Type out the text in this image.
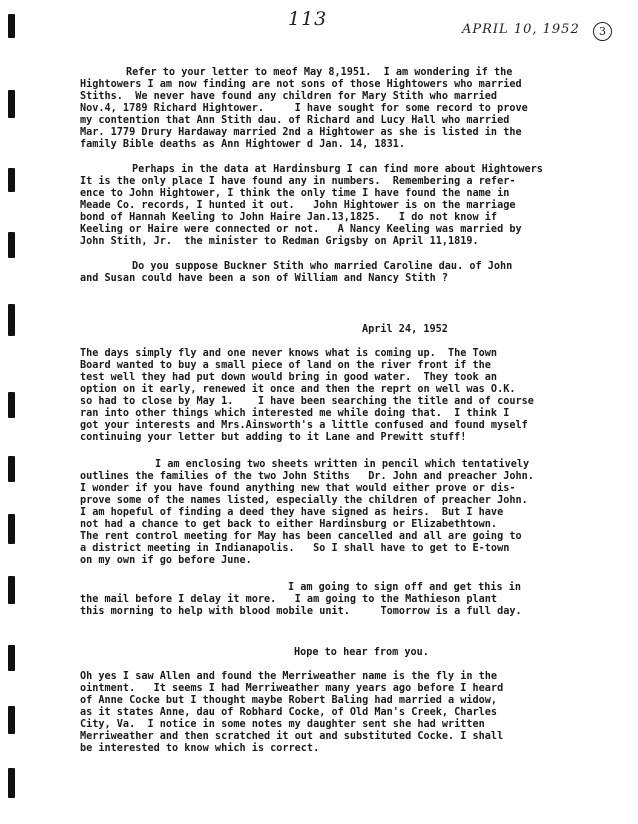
113	APRIL 10, 1952	3
Refer to your letter to meof May 8,1951.  I am wondering if the
Hightowers I am now finding are not sons of those Hightowers who married
Stiths.  We never have found any children for Mary Stith who married
Nov.4, 1789 Richard Hightower.     I have sought for some record to prove
my contention that Ann Stith dau. of Richard and Lucy Hall who married
Mar. 1779 Drury Hardaway married 2nd a Hightower as she is listed in the
family Bible deaths as Ann Hightower d Jan. 14, 1831.
Perhaps in the data at Hardinsburg I can find more about Hightowers
It is the only place I have found any in numbers.  Remembering a refer-
ence to John Hightower, I think the only time I have found the name in
Meade Co. records, I hunted it out.   John Hightower is on the marriage
bond of Hannah Keeling to John Haire Jan.13,1825.   I do not know if
Keeling or Haire were connected or not.   A Nancy Keeling was married by
John Stith, Jr.  the minister to Redman Grigsby on April 11,1819.
Do you suppose Buckner Stith who married Caroline dau. of John
and Susan could have been a son of William and Nancy Stith ?
April 24, 1952
The days simply fly and one never knows what is coming up.  The Town
Board wanted to buy a small piece of land on the river front if the
test well they had put down would bring in good water.  They took an
option on it early, renewed it once and then the reprt on well was O.K.
so had to close by May 1.    I have been searching the title and of course
ran into other things which interested me while doing that.  I think I
got your interests and Mrs.Ainsworth's a little confused and found myself
continuing your letter but adding to it Lane and Prewitt stuff!
I am enclosing two sheets written in pencil which tentatively
outlines the families of the two John Stiths   Dr. John and preacher John.
I wonder if you have found anything new that would either prove or dis-
prove some of the names listed, especially the children of preacher John.
I am hopeful of finding a deed they have signed as heirs.  But I have
not had a chance to get back to either Hardinsburg or Elizabethtown.
The rent control meeting for May has been cancelled and all are going to
a district meeting in Indianapolis.   So I shall have to get to E-town
on my own if go before June.
I am going to sign off and get this in
the mail before I delay it more.   I am going to the Mathieson plant
this morning to help with blood mobile unit.     Tomorrow is a full day.
Hope to hear from you.
Oh yes I saw Allen and found the Merriweather name is the fly in the
ointment.   It seems I had Merriweather many years ago before I heard
of Anne Cocke but I thought maybe Robert Baling had married a widow,
as it states Anne, dau of Robhard Cocke, of Old Man's Creek, Charles
City, Va.  I notice in some notes my daughter sent she had written
Merriweather and then scratched it out and substituted Cocke. I shall
be interested to know which is correct.
